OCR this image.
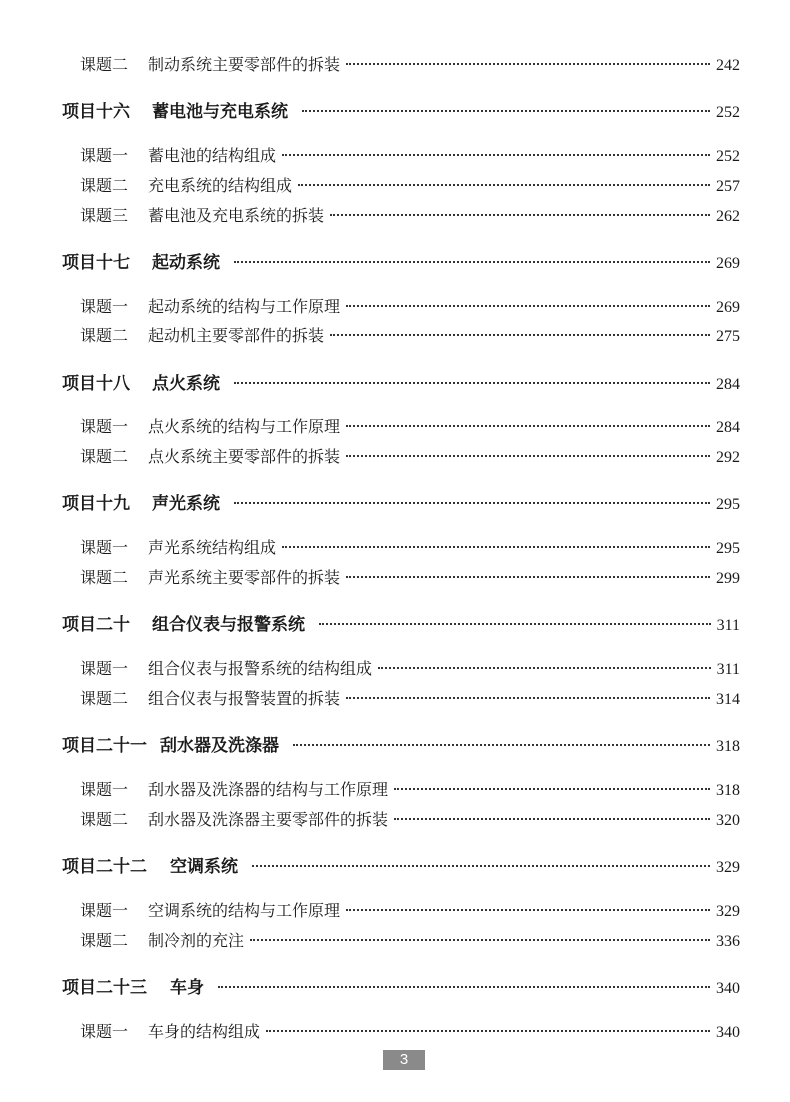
课题二	制动系统主要零部件的拆装	242
项目十六	蓄电池与充电系统	252
课题一	蓄电池的结构组成	252
课题二	充电系统的结构组成	257
课题三	蓄电池及充电系统的拆装	262
项目十七	起动系统	269
课题一	起动系统的结构与工作原理	269
课题二	起动机主要零部件的拆装	275
项目十八	点火系统	284
课题一	点火系统的结构与工作原理	284
课题二	点火系统主要零部件的拆装	292
项目十九	声光系统	295
课题一	声光系统结构组成	295
课题二	声光系统主要零部件的拆装	299
项目二十	组合仪表与报警系统	311
课题一	组合仪表与报警系统的结构组成	311
课题二	组合仪表与报警装置的拆装	314
项目二十一 刮水器及洗涤器	318
课题一	刮水器及洗涤器的结构与工作原理	318
课题二	刮水器及洗涤器主要零部件的拆装	320
项目二十二	空调系统	329
课题一	空调系统的结构与工作原理	329
课题二	制冷剂的充注	336
项目二十三	车身	340
课题一	车身的结构组成	340
3
